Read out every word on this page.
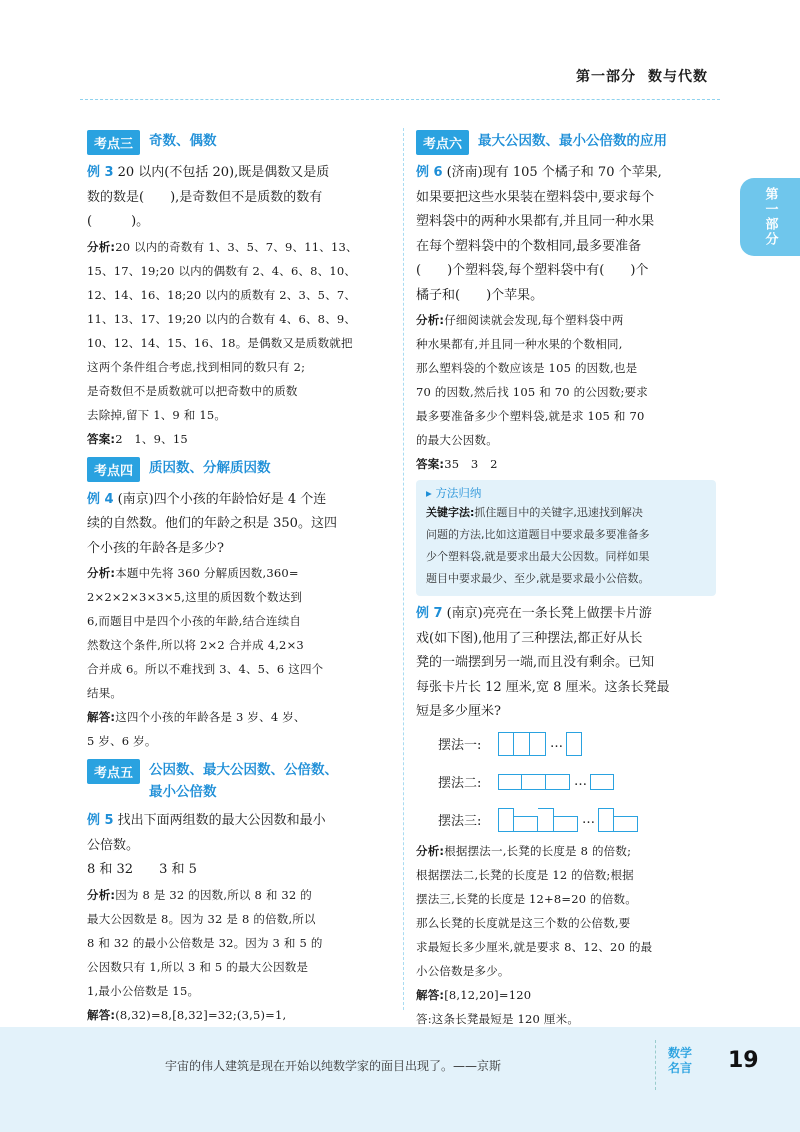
第一部分 数与代数
第一部分
考点三	奇数、偶数

例 3 20 以内(不包括 20),既是偶数又是质

数的数是(　　),是奇数但不是质数的数有

(　　　)。

分析:20 以内的奇数有 1、3、5、7、9、11、13、

15、17、19;20 以内的偶数有 2、4、6、8、10、

12、14、16、18;20 以内的质数有 2、3、5、7、

11、13、17、19;20 以内的合数有 4、6、8、9、

10、12、14、15、16、18。是偶数又是质数就把

这两个条件组合考虑,找到相同的数只有 2;

是奇数但不是质数就可以把奇数中的质数

去除掉,留下 1、9 和 15。

答案:2　1、9、15

考点四	质因数、分解质因数

例 4 (南京)四个小孩的年龄恰好是 4 个连

续的自然数。他们的年龄之积是 350。这四

个小孩的年龄各是多少?

分析:本题中先将 360 分解质因数,360=

2×2×2×3×3×5,这里的质因数个数达到

6,而题目中是四个小孩的年龄,结合连续自

然数这个条件,所以将 2×2 合并成 4,2×3

合并成 6。所以不难找到 3、4、5、6 这四个

结果。

解答:这四个小孩的年龄各是 3 岁、4 岁、

5 岁、6 岁。

考点五	公因数、最大公因数、公倍数、
最小公倍数

例 5 找出下面两组数的最大公因数和最小

公倍数。

8 和 32　　3 和 5

分析:因为 8 是 32 的因数,所以 8 和 32 的

最大公因数是 8。因为 32 是 8 的倍数,所以

8 和 32 的最小公倍数是 32。因为 3 和 5 的

公因数只有 1,所以 3 和 5 的最大公因数是

1,最小公倍数是 15。

解答:(8,32)=8,[8,32]=32;(3,5)=1,

考点六	最大公因数、最小公倍数的应用

例 6 (济南)现有 105 个橘子和 70 个苹果,

如果要把这些水果装在塑料袋中,要求每个

塑料袋中的两种水果都有,并且同一种水果

在每个塑料袋中的个数相同,最多要准备

(　　)个塑料袋,每个塑料袋中有(　　)个

橘子和(　　)个苹果。

分析:仔细阅读就会发现,每个塑料袋中两

种水果都有,并且同一种水果的个数相同,

那么塑料袋的个数应该是 105 的因数,也是

70 的因数,然后找 105 和 70 的公因数;要求

最多要准备多少个塑料袋,就是求 105 和 70

的最大公因数。

答案:35　3　2

▸ 方法归纳
关键字法:抓住题目中的关键字,迅速找到解决
问题的方法,比如这道题目中要求最多要准备多
少个塑料袋,就是要求出最大公因数。同样如果
题目中要求最少、至少,就是要求最小公倍数。

例 7 (南京)亮亮在一条长凳上做摆卡片游

戏(如下图),他用了三种摆法,都正好从长

凳的一端摆到另一端,而且没有剩余。已知

每张卡片长 12 厘米,宽 8 厘米。这条长凳最

短是多少厘米?

摆法一:	…
摆法二:	…
摆法三:	…

分析:根据摆法一,长凳的长度是 8 的倍数;

根据摆法二,长凳的长度是 12 的倍数;根据

摆法三,长凳的长度是 12+8=20 的倍数。

那么长凳的长度就是这三个数的公倍数,要

求最短长多少厘米,就是要求 8、12、20 的最

小公倍数是多少。

解答:[8,12,20]=120

答:这条长凳最短是 120 厘米。

宇宙的伟人建筑是现在开始以纯数学家的面目出现了。——京斯
数学
名言 19
